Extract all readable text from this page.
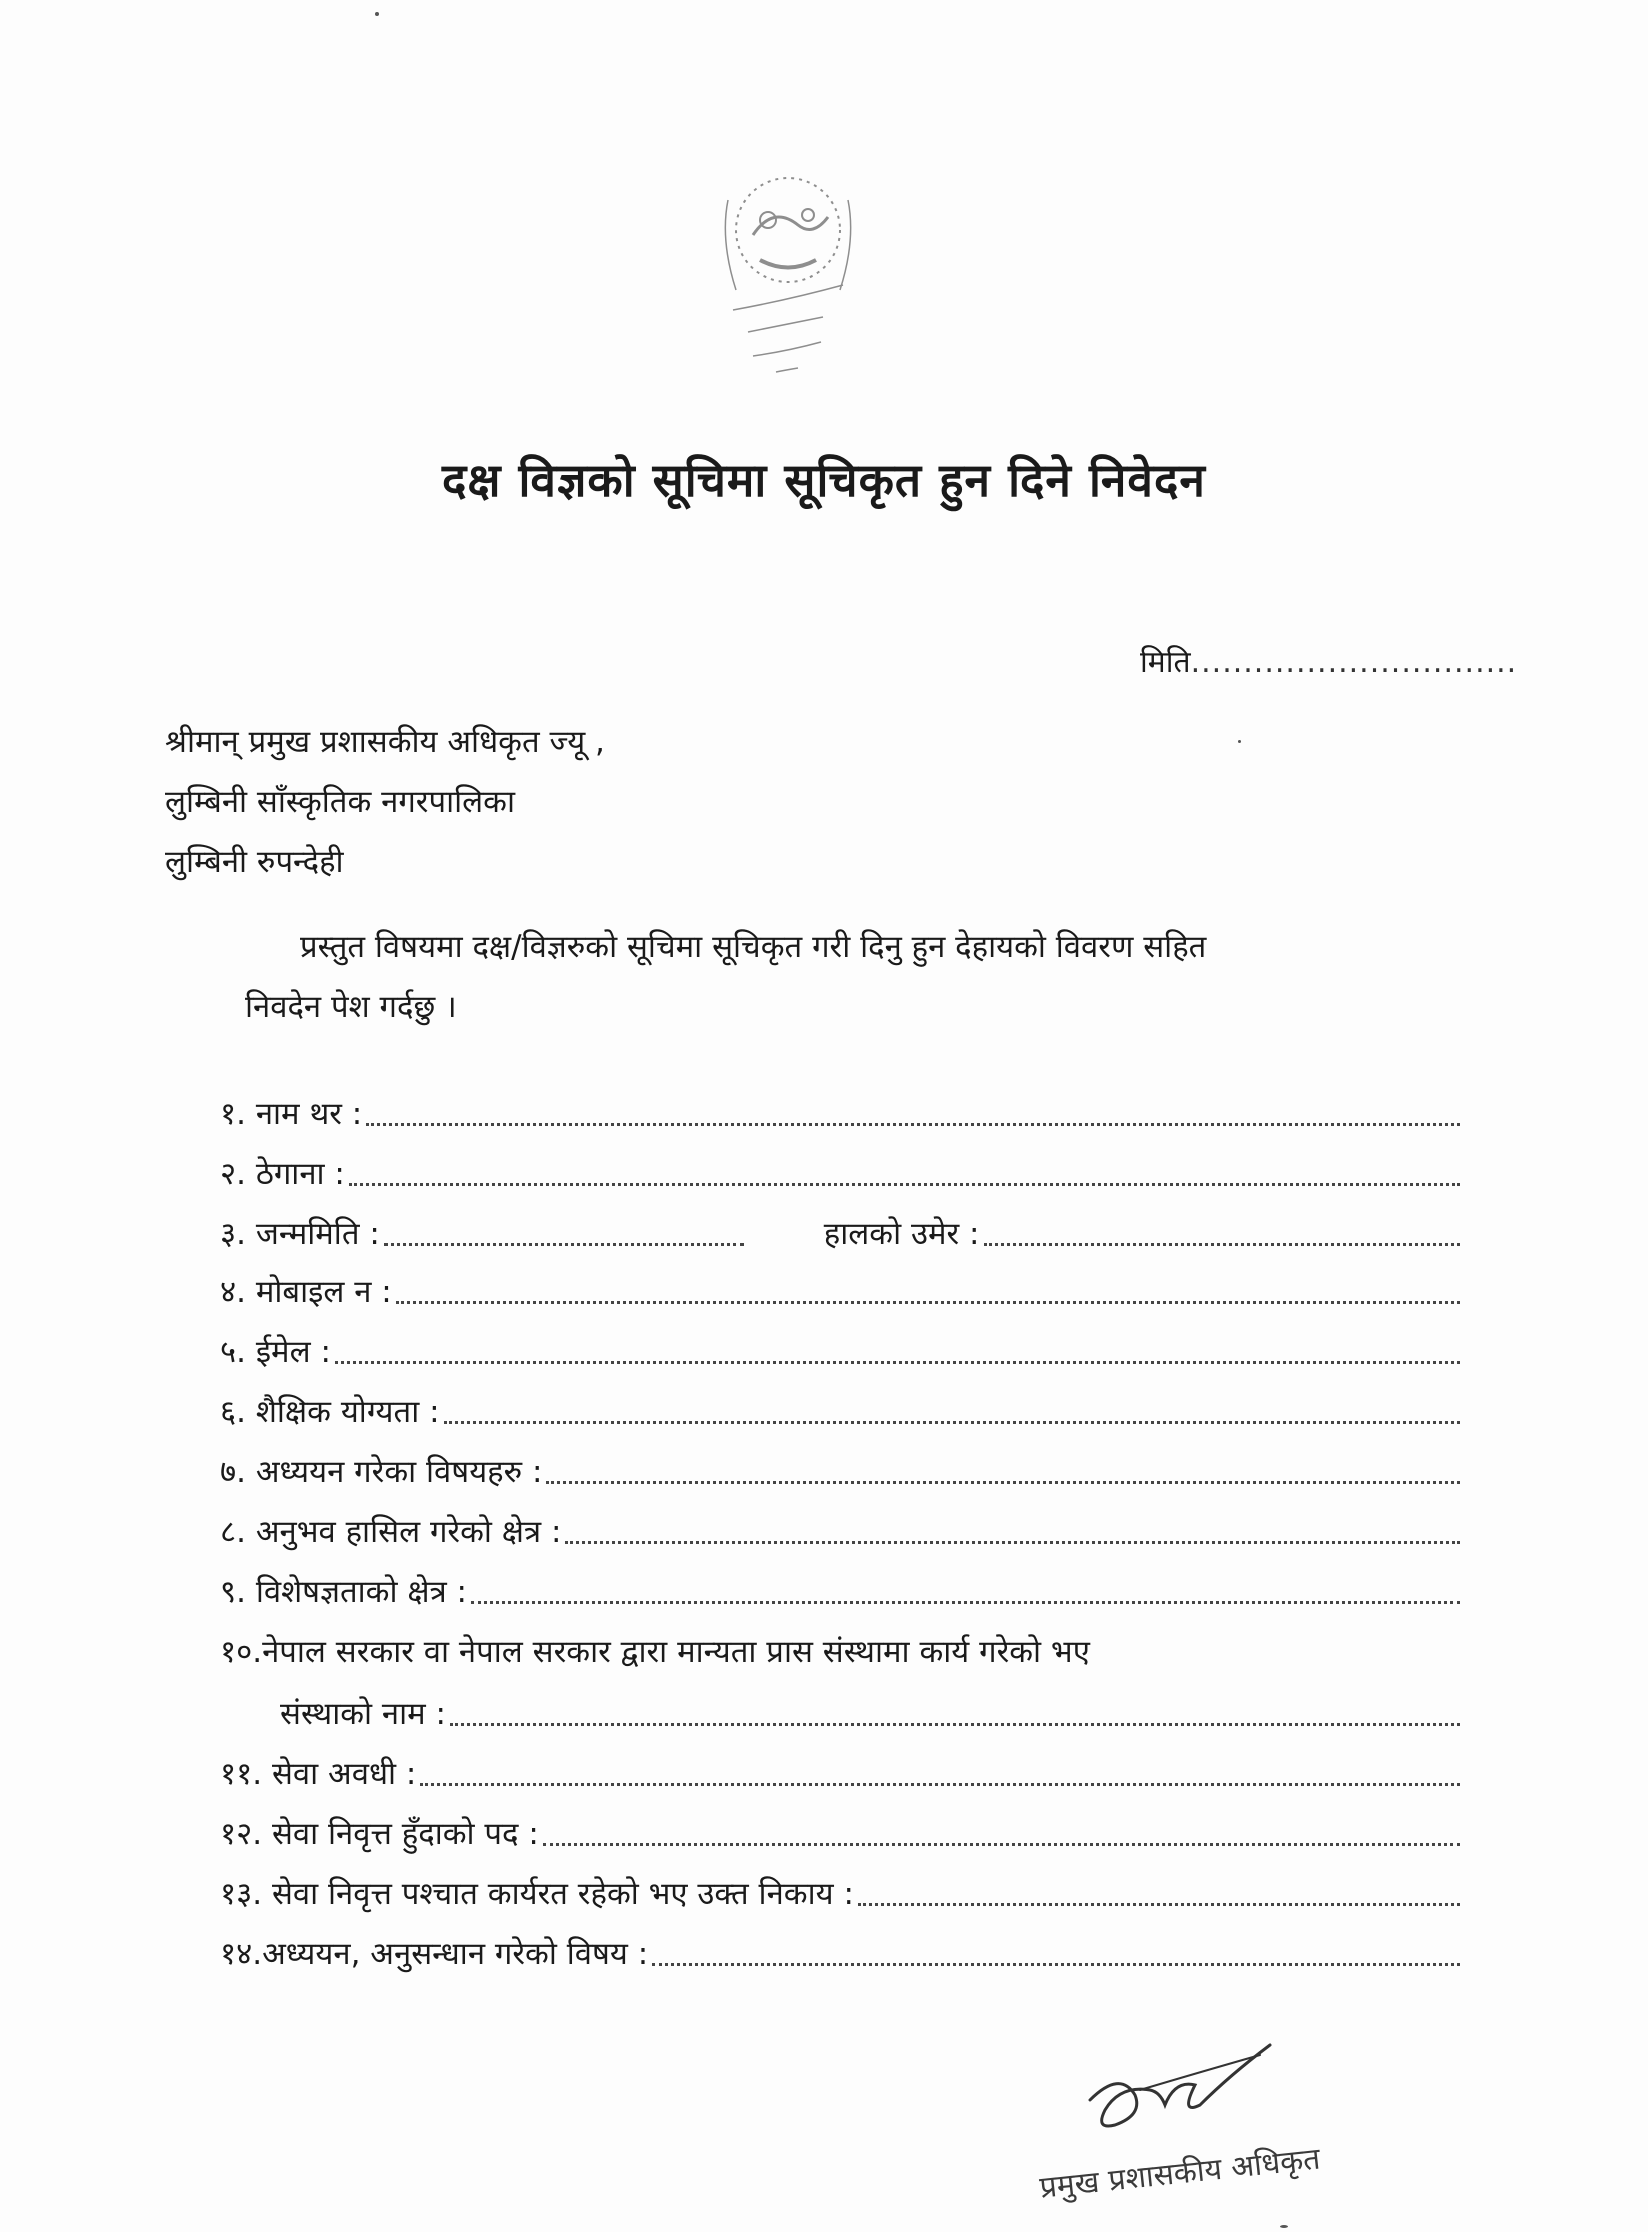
दक्ष विज्ञको सूचिमा सूचिकृत हुन दिने निवेदन
मिति...............................
श्रीमान् प्रमुख प्रशासकीय अधिकृत ज्यू ,
लुम्बिनी साँस्कृतिक नगरपालिका
लुम्बिनी रुपन्देही
प्रस्तुत विषयमा दक्ष/विज्ञरुको सूचिमा सूचिकृत गरी दिनु हुन देहायको विवरण सहित
निवदेन पेश गर्दछु ।
१. नाम थर :
२. ठेगाना :
३. जन्ममिति :	हालको उमेर :
४. मोबाइल न :
५. ईमेल :
६. शैक्षिक योग्यता :
७. अध्ययन गरेका विषयहरु :
८. अनुभव हासिल गरेको क्षेत्र :
९. विशेषज्ञताको क्षेत्र :
१०.नेपाल सरकार वा नेपाल सरकार द्वारा मान्यता प्रास संस्थामा कार्य गरेको भए
संस्थाको नाम :
११. सेवा अवधी :
१२. सेवा निवृत्त हुँदाको पद :
१३. सेवा निवृत्त पश्चात कार्यरत रहेको भए उक्त निकाय :
१४.अध्ययन, अनुसन्धान गरेको विषय :
प्रमुख प्रशासकीय अधिकृत
